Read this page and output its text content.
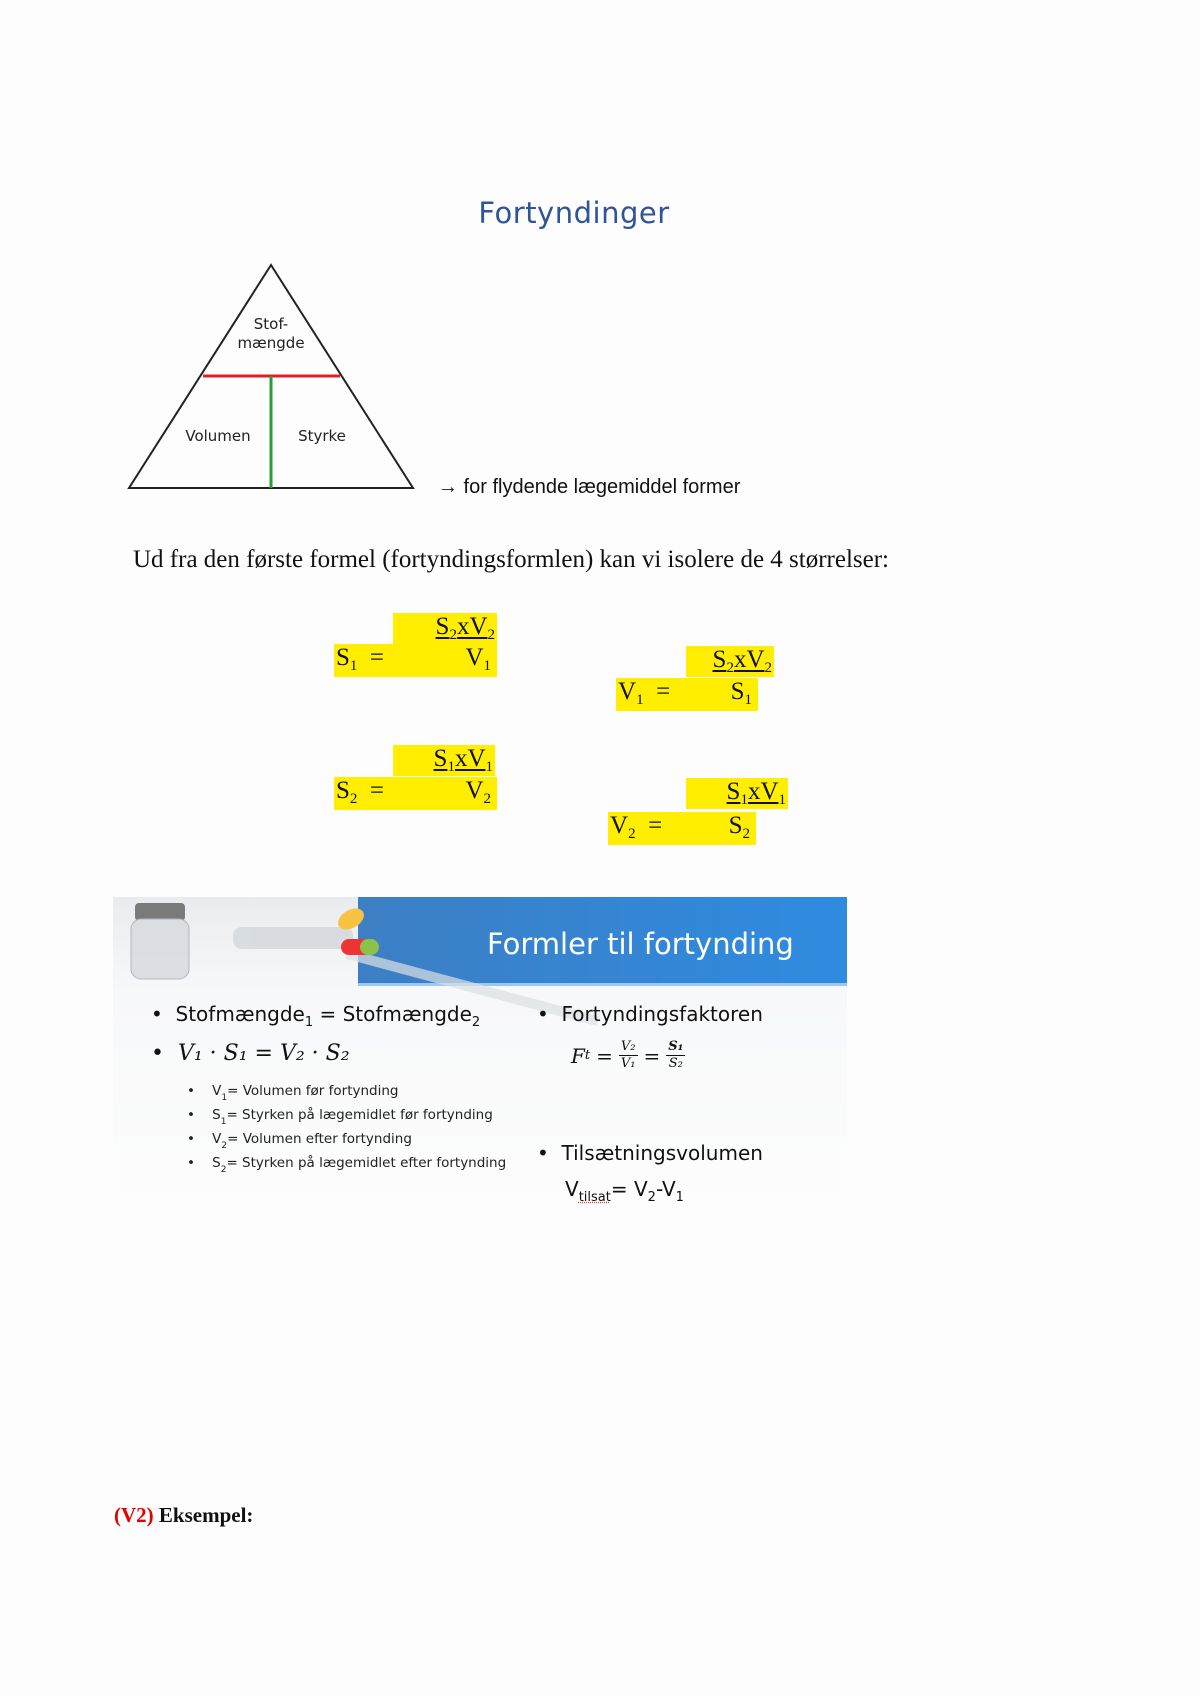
Fortyndinger
Stof-
mængde
Volumen	Styrke
→ for flydende lægemiddel former
Ud fra den første formel (fortyndingsformlen) kan vi isolere de 4 størrelser:
$S_2xV_2$
$S_1$  =	$V_1$	$S_2xV_2$
$V_1 = S_1$
$S_1xV_1$
$S_2$  =	$V_2$	$S_1xV_1$
$V_2$  =	$S_2$
Formler til fortynding
•  Stofmængde$_1$ = Stofmængde$_2$
•  V₁ · S₁ = V₂ · S₂
•    $V_1=$ Volumen før fortynding
•    $S_1=$ Styrken på lægemidlet før fortynding
•    $V_2=$ Volumen efter fortynding
•    $S_2=$ Styrken på lægemidlet efter fortynding
•  Fortyndingsfaktoren
F $t = \frac{\text{V₂}}{\text{V₁}} = \frac{\text{S₁}}{\text{S₂}}$
•  Tilsætningsvolumen
$V_{tilsat}= V_2-V_1$
(V2) Eksempel:
